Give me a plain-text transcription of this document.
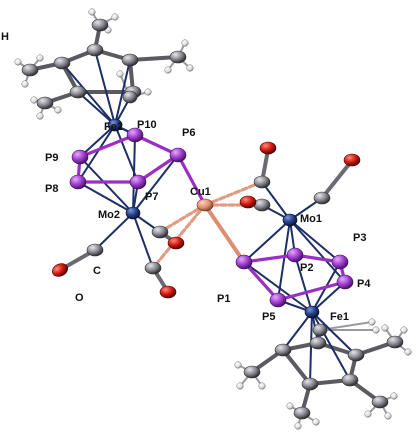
H
Fe2 P10
P6
P9
P8
P7
Mo2
Cu1
Mo1
P3
P2
P4
P1
P5	Fe1
C
O
